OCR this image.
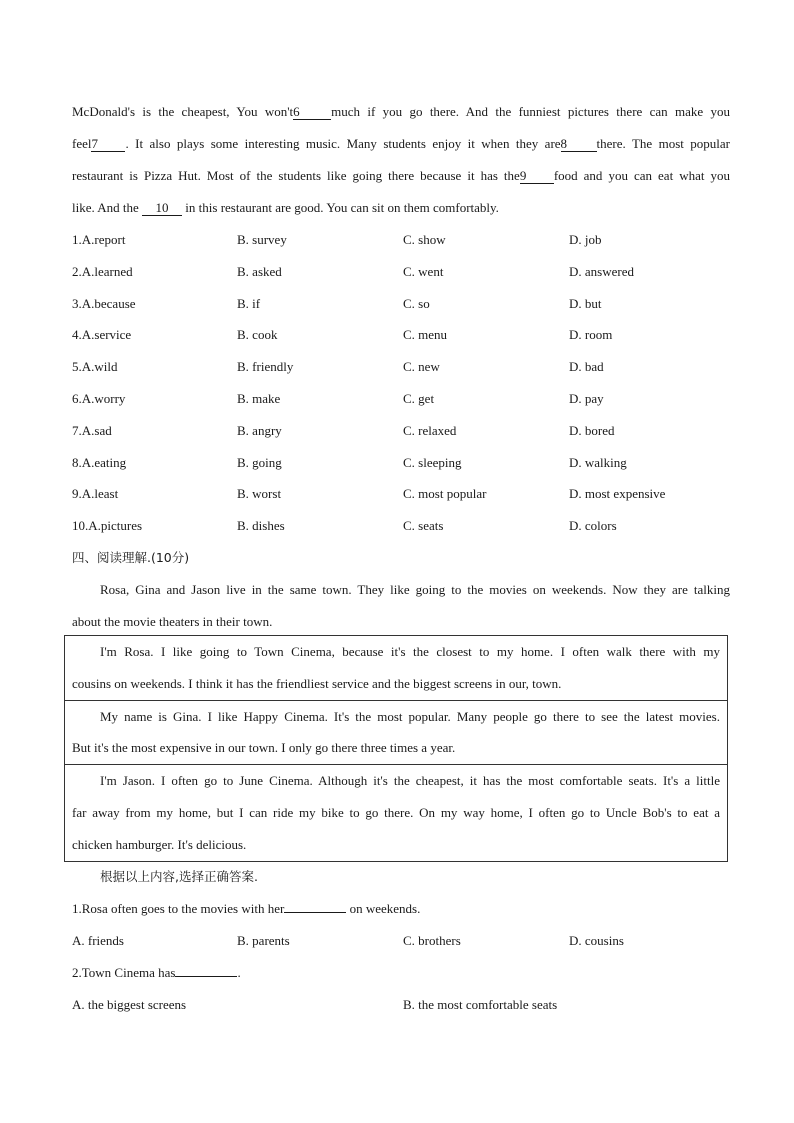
McDonald's is the cheapest, You won't6 much if you go there. And the funniest pictures there can make you
feel7 . It also plays some interesting music. Many students enjoy it when they are8 there. The most popular
restaurant is Pizza Hut. Most of the students like going there because it has the9 food and you can eat what you
like. And the 10 in this restaurant are good. You can sit on them comfortably.
1.A.report	B. survey	C. show	D. job
2.A.learned	B. asked	C. went	D. answered
3.A.because	B. if	C. so	D. but
4.A.service	B. cook	C. menu	D. room
5.A.wild	B. friendly	C. new	D. bad
6.A.worry	B. make	C. get	D. pay
7.A.sad	B. angry	C. relaxed	D. bored
8.A.eating	B. going	C. sleeping	D. walking
9.A.least	B. worst	C. most popular	D. most expensive
10.A.pictures	B. dishes	C. seats	D. colors
四、阅读理解.(10分)
Rosa, Gina and Jason live in the same town. They like going to the movies on weekends. Now they are talking
about the movie theaters in their town.
I'm Rosa. I like going to Town Cinema, because it's the closest to my home. I often walk there with my
cousins on weekends. I think it has the friendliest service and the biggest screens in our, town.
My name is Gina. I like Happy Cinema. It's the most popular. Many people go there to see the latest movies.
But it's the most expensive in our town. I only go there three times a year.
I'm Jason. I often go to June Cinema. Although it's the cheapest, it has the most comfortable seats. It's a little
far away from my home, but I can ride my bike to go there. On my way home, I often go to Uncle Bob's to eat a
chicken hamburger. It's delicious.
根据以上内容,选择正确答案.
1.Rosa often goes to the movies with her	on weekends.
A. friends	B. parents	C. brothers	D. cousins
2.Town Cinema has	.
A. the biggest screens	B. the most comfortable seats
